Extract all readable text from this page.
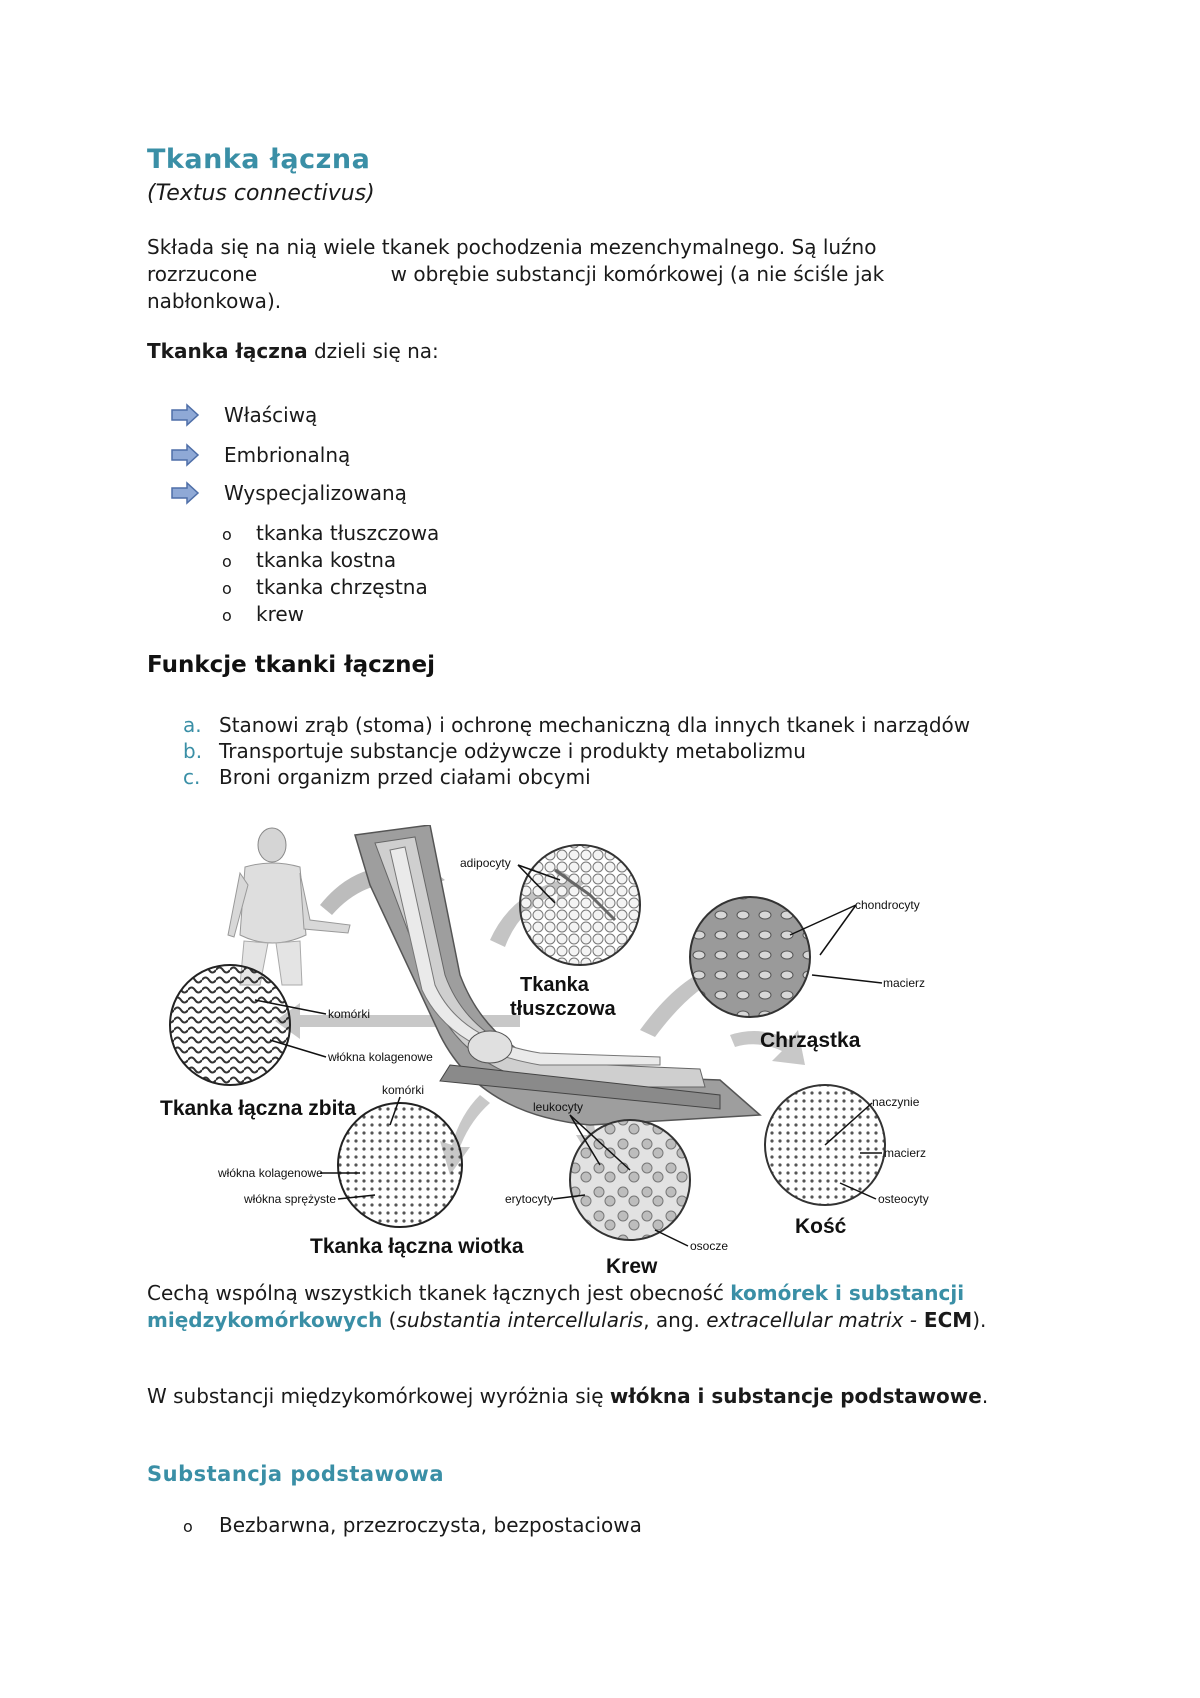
Tkanka łączna
(Textus connectivus)
Składa się na nią wiele tkanek pochodzenia mezenchymalnego. Są luźno
rozrzucone                     w obrębie substancji komórkowej (a nie ściśle jak
nabłonkowa).
Tkanka łączna dzieli się na:
Właściwą
Embrionalną
Wyspecjalizowaną
o tkanka tłuszczowa
o tkanka kostna
o tkanka chrzęstna
o krew
Funkcje tkanki łącznej
a. Stanowi zrąb (stoma) i ochronę mechaniczną dla innych tkanek i narządów
b. Transportuje substancje odżywcze i produkty metabolizmu
c. Broni organizm przed ciałami obcymi
adipocyty
Tkanka
tłuszczowa
chondrocyty
macierz
Chrząstka
komórki
włókna kolagenowe
Tkanka łączna zbita
komórki
włókna kolagenowe
włókna sprężyste
Tkanka łączna wiotka
leukocyty
erytocyty
osocze
Krew
naczynie
macierz
osteocyty
Kość
Cechą wspólną wszystkich tkanek łącznych jest obecność komórek i substancji międzykomórkowych (substantia intercellularis, ang. extracellular matrix - ECM).
W substancji międzykomórkowej wyróżnia się włókna i substancje podstawowe.
Substancja podstawowa
o Bezbarwna, przezroczysta, bezpostaciowa
